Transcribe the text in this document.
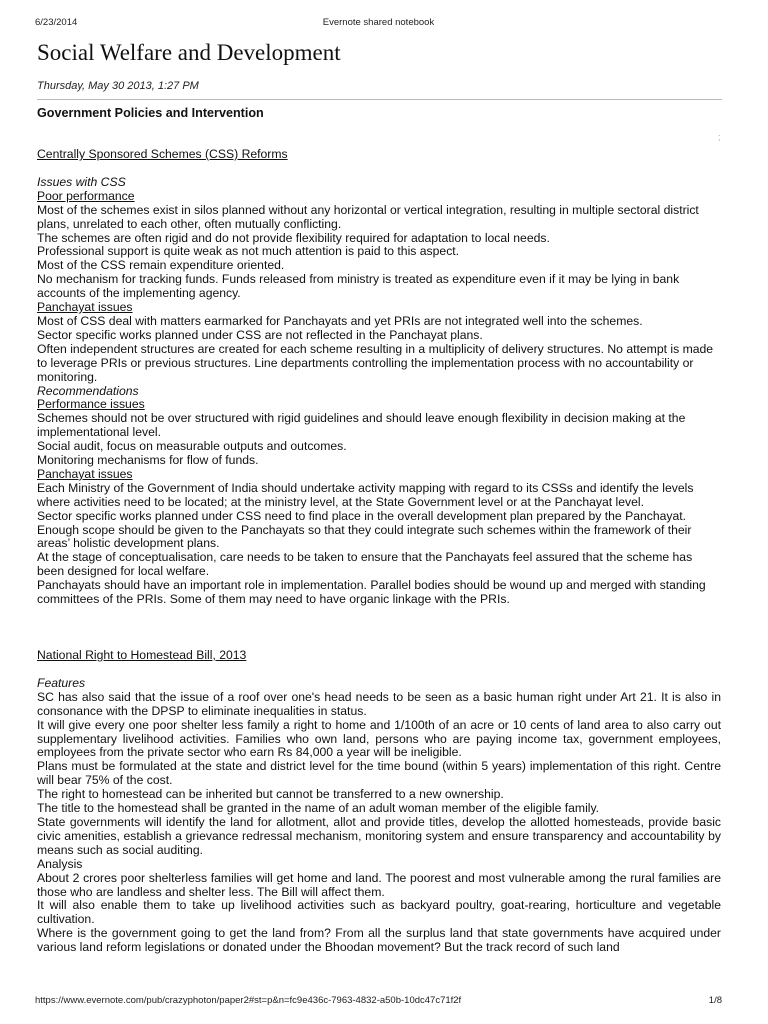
6/23/2014	Evernote shared notebook
Social Welfare and Development
Thursday, May 30 2013, 1:27 PM
;
Government Policies and Intervention
Centrally Sponsored Schemes (CSS) Reforms
Issues with CSS
Poor performance
Most of the schemes exist in silos planned without any horizontal or vertical integration, resulting in multiple sectoral district plans, unrelated to each other, often mutually conflicting.
The schemes are often rigid and do not provide flexibility required for adaptation to local needs.
Professional support is quite weak as not much attention is paid to this aspect.
Most of the CSS remain expenditure oriented.
No mechanism for tracking funds. Funds released from ministry is treated as expenditure even if it may be lying in bank accounts of the implementing agency.
Panchayat issues
Most of CSS deal with matters earmarked for Panchayats and yet PRIs are not integrated well into the schemes.
Sector specific works planned under CSS are not reflected in the Panchayat plans.
Often independent structures are created for each scheme resulting in a multiplicity of delivery structures. No attempt is made to leverage PRIs or previous structures. Line departments controlling the implementation process with no accountability or monitoring.
Recommendations
Performance issues
Schemes should not be over structured with rigid guidelines and should leave enough flexibility in decision making at the implementational level.
Social audit, focus on measurable outputs and outcomes.
Monitoring mechanisms for flow of funds.
Panchayat issues
Each Ministry of the Government of India should undertake activity mapping with regard to its CSSs and identify the levels where activities need to be located; at the ministry level, at the State Government level or at the Panchayat level.
Sector specific works planned under CSS need to find place in the overall development plan prepared by the Panchayat. Enough scope should be given to the Panchayats so that they could integrate such schemes within the framework of their areas’ holistic development plans.
At the stage of conceptualisation, care needs to be taken to ensure that the Panchayats feel assured that the scheme has been designed for local welfare.
Panchayats should have an important role in implementation. Parallel bodies should be wound up and merged with standing committees of the PRIs. Some of them may need to have organic linkage with the PRIs.
National Right to Homestead Bill, 2013
Features
SC has also said that the issue of a roof over one's head needs to be seen as a basic human right under Art 21. It is also in consonance with the DPSP to eliminate inequalities in status.
It will give every one poor shelter less family a right to home and 1/100th of an acre or 10 cents of land area to also carry out supplementary livelihood activities. Families who own land, persons who are paying income tax, government employees, employees from the private sector who earn Rs 84,000 a year will be ineligible.
Plans must be formulated at the state and district level for the time bound (within 5 years) implementation of this right. Centre will bear 75% of the cost.
The right to homestead can be inherited but cannot be transferred to a new ownership.
The title to the homestead shall be granted in the name of an adult woman member of the eligible family.
State governments will identify the land for allotment, allot and provide titles, develop the allotted homesteads, provide basic civic amenities, establish a grievance redressal mechanism, monitoring system and ensure transparency and accountability by means such as social auditing.
Analysis
About 2 crores poor shelterless families will get home and land. The poorest and most vulnerable among the rural families are those who are landless and shelter less. The Bill will affect them.
It will also enable them to take up livelihood activities such as backyard poultry, goat-rearing, horticulture and vegetable cultivation.
Where is the government going to get the land from? From all the surplus land that state governments have acquired under various land reform legislations or donated under the Bhoodan movement? But the track record of such land
https://www.evernote.com/pub/crazyphoton/paper2#st=p&n=fc9e436c-7963-4832-a50b-10dc47c71f2f	1/8
